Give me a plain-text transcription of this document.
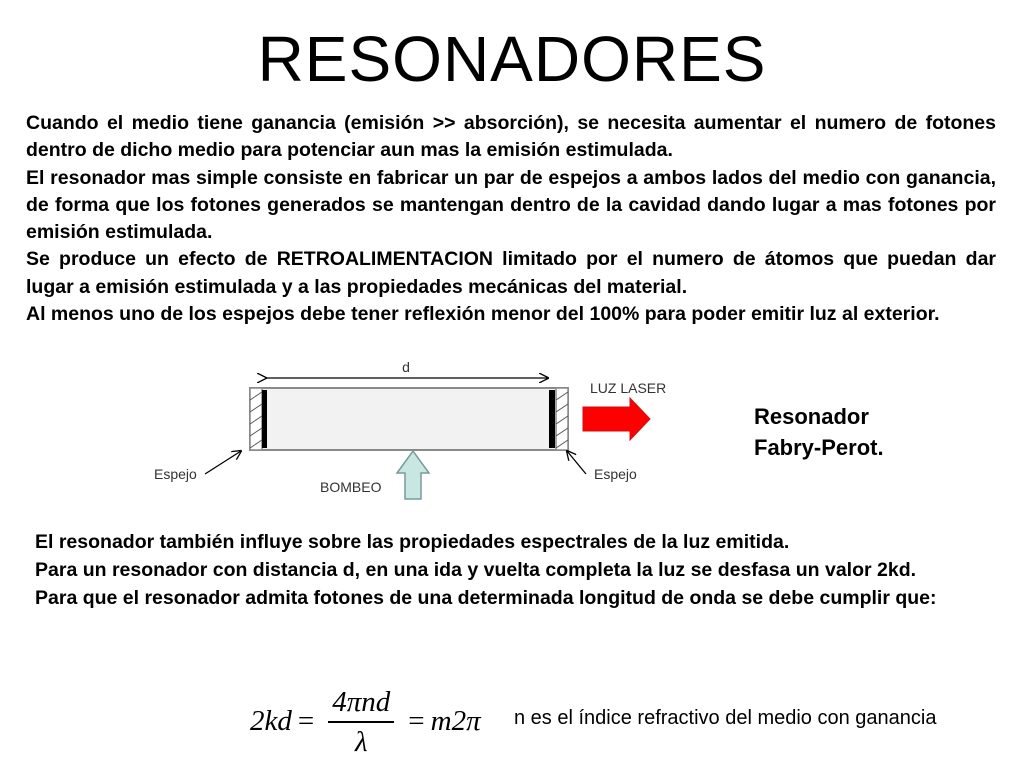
RESONADORES

Cuando el medio tiene ganancia (emisión >> absorción), se necesita aumentar el numero de fotones dentro de dicho medio para potenciar aun mas la emisión estimulada.

El resonador mas simple consiste en fabricar un par de espejos a ambos lados del medio con ganancia, de forma que los fotones generados se mantengan dentro de la cavidad dando lugar a mas fotones por emisión estimulada.

Se produce un efecto de RETROALIMENTACION limitado por el numero de átomos que puedan dar lugar a emisión estimulada y a las propiedades mecánicas del material.

Al menos uno de los espejos debe tener reflexión menor del 100% para poder emitir luz al exterior.

d
LUZ LASER
BOMBEO
Espejo	Espejo
Resonador
Fabry-Perot.

El resonador también influye sobre las propiedades espectrales de la luz emitida.

Para un resonador con distancia d, en una ida y vuelta completa la luz se desfasa un valor 2kd.

Para que el resonador admita fotones de una determinada longitud de onda se debe cumplir que:

$2kd = \frac{\text{4πnd}}{\lambda} = m2\pi$ n es el índice refractivo del medio con ganancia
